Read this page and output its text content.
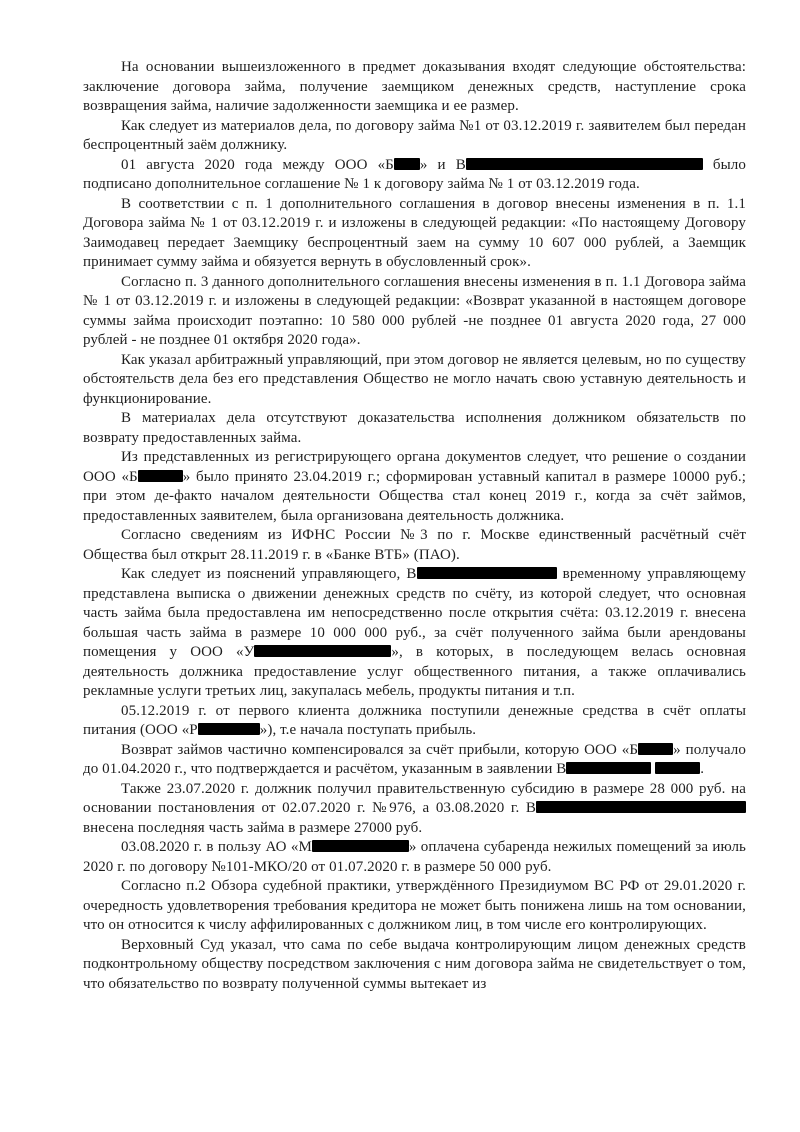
На основании вышеизложенного в предмет доказывания входят следующие обстоятельства: заключение договора займа, получение заемщиком денежных средств, наступление срока возвращения займа, наличие задолженности заемщика и ее размер.

Как следует из материалов дела, по договору займа №1 от 03.12.2019 г. заявителем был передан беспроцентный заём должнику.

01 августа 2020 года между ООО «Б » и В	было подписано дополнительное соглашение № 1 к договору займа № 1 от 03.12.2019 года.

В соответствии с п. 1 дополнительного соглашения в договор внесены изменения в п. 1.1 Договора займа № 1 от 03.12.2019 г. и изложены в следующей редакции: «По настоящему Договору Заимодавец передает Заемщику беспроцентный заем на сумму 10 607 000 рублей, а Заемщик принимает сумму займа и обязуется вернуть в обусловленный срок».

Согласно п. 3 данного дополнительного соглашения внесены изменения в п. 1.1 Договора займа № 1 от 03.12.2019 г. и изложены в следующей редакции: «Возврат указанной в настоящем договоре суммы займа происходит поэтапно: 10 580 000 рублей -не позднее 01 августа 2020 года, 27 000 рублей - не позднее 01 октября 2020 года».

Как указал арбитражный управляющий, при этом договор не является целевым, но по существу обстоятельств дела без его представления Общество не могло начать свою уставную деятельность и функционирование.

В материалах дела отсутствуют доказательства исполнения должником обязательств по возврату предоставленных займа.

Из представленных из регистрирующего органа документов следует, что решение о создании ООО «Б	» было принято 23.04.2019 г.; сформирован уставный капитал в размере 10000 руб.; при этом де-факто началом деятельности Общества стал конец 2019 г., когда за счёт займов, предоставленных заявителем, была организована деятельность должника.

Согласно сведениям из ИФНС России №3 по г. Москве единственный расчётный счёт Общества был открыт 28.11.2019 г. в «Банке ВТБ» (ПАО).

Как следует из пояснений управляющего, В	временному управляющему представлена выписка о движении денежных средств по счёту, из которой следует, что основная часть займа была предоставлена им непосредственно после открытия счёта: 03.12.2019 г. внесена большая часть займа в размере 10 000 000 руб., за счёт полученного займа были арендованы помещения у ООО «У	», в которых, в последующем велась основная деятельность должника предоставление услуг общественного питания, а также оплачивались рекламные услуги третьих лиц, закупалась мебель, продукты питания и т.п.

05.12.2019 г. от первого клиента должника поступили денежные средства в счёт оплаты питания (ООО «Р	»), т.е начала поступать прибыль.

Возврат займов частично компенсировался за счёт прибыли, которую ООО «Б » получало до 01.04.2020 г., что подтверждается и расчётом, указанным в заявлении В	.

Также 23.07.2020 г. должник получил правительственную субсидию в размере 28 000 руб. на основании постановления от 02.07.2020 г. №976, а 03.08.2020 г. В внесена последняя часть займа в размере 27000 руб.

03.08.2020 г. в пользу АО «М	» оплачена субаренда нежилых помещений за июль 2020 г. по договору №101-МКО/20 от 01.07.2020 г. в размере 50 000 руб.

Согласно п.2 Обзора судебной практики, утверждённого Президиумом ВС РФ от 29.01.2020 г. очередность удовлетворения требования кредитора не может быть понижена лишь на том основании, что он относится к числу аффилированных с должником лиц, в том числе его контролирующих.

Верховный Суд указал, что сама по себе выдача контролирующим лицом денежных средств подконтрольному обществу посредством заключения с ним договора займа не свидетельствует о том, что обязательство по возврату полученной суммы вытекает из
